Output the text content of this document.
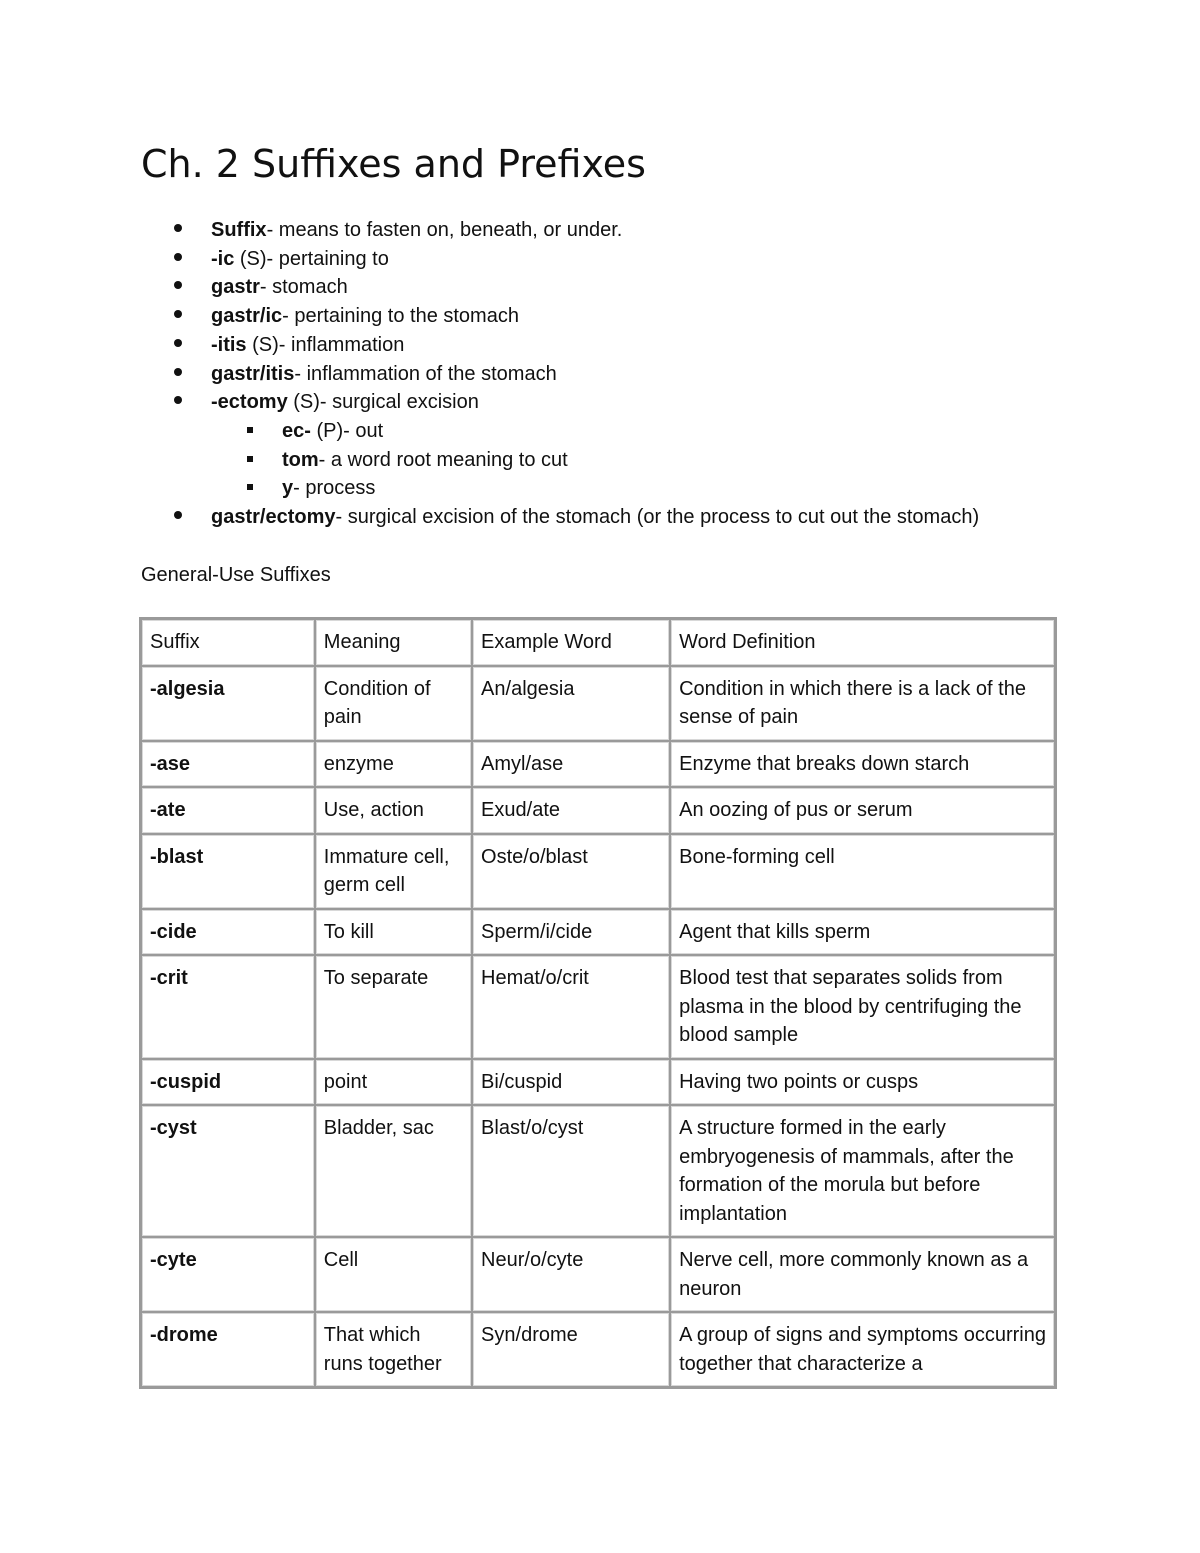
Ch. 2 Suffixes and Prefixes
Suffix- means to fasten on, beneath, or under.
-ic (S)- pertaining to
gastr- stomach
gastr/ic- pertaining to the stomach
-itis (S)- inflammation
gastr/itis- inflammation of the stomach
-ectomy (S)- surgical excision
ec- (P)- out
tom- a word root meaning to cut
y- process
gastr/ectomy- surgical excision of the stomach (or the process to cut out the stomach)
General-Use Suffixes
Suffix	Meaning	Example Word	Word Definition
-algesia	Condition of pain	An/algesia	Condition in which there is a lack of the sense of pain
-ase	enzyme	Amyl/ase	Enzyme that breaks down starch
-ate	Use, action	Exud/ate	An oozing of pus or serum
-blast	Immature cell, germ cell	Oste/o/blast	Bone-forming cell
-cide	To kill	Sperm/i/cide	Agent that kills sperm
-crit	To separate	Hemat/o/crit	Blood test that separates solids from plasma in the blood by centrifuging the blood sample
-cuspid	point	Bi/cuspid	Having two points or cusps
-cyst	Bladder, sac	Blast/o/cyst	A structure formed in the early embryogenesis of mammals, after the formation of the morula but before implantation
-cyte	Cell	Neur/o/cyte	Nerve cell, more commonly known as a neuron
-drome	That which runs together	Syn/drome	A group of signs and symptoms occurring together that characterize a
